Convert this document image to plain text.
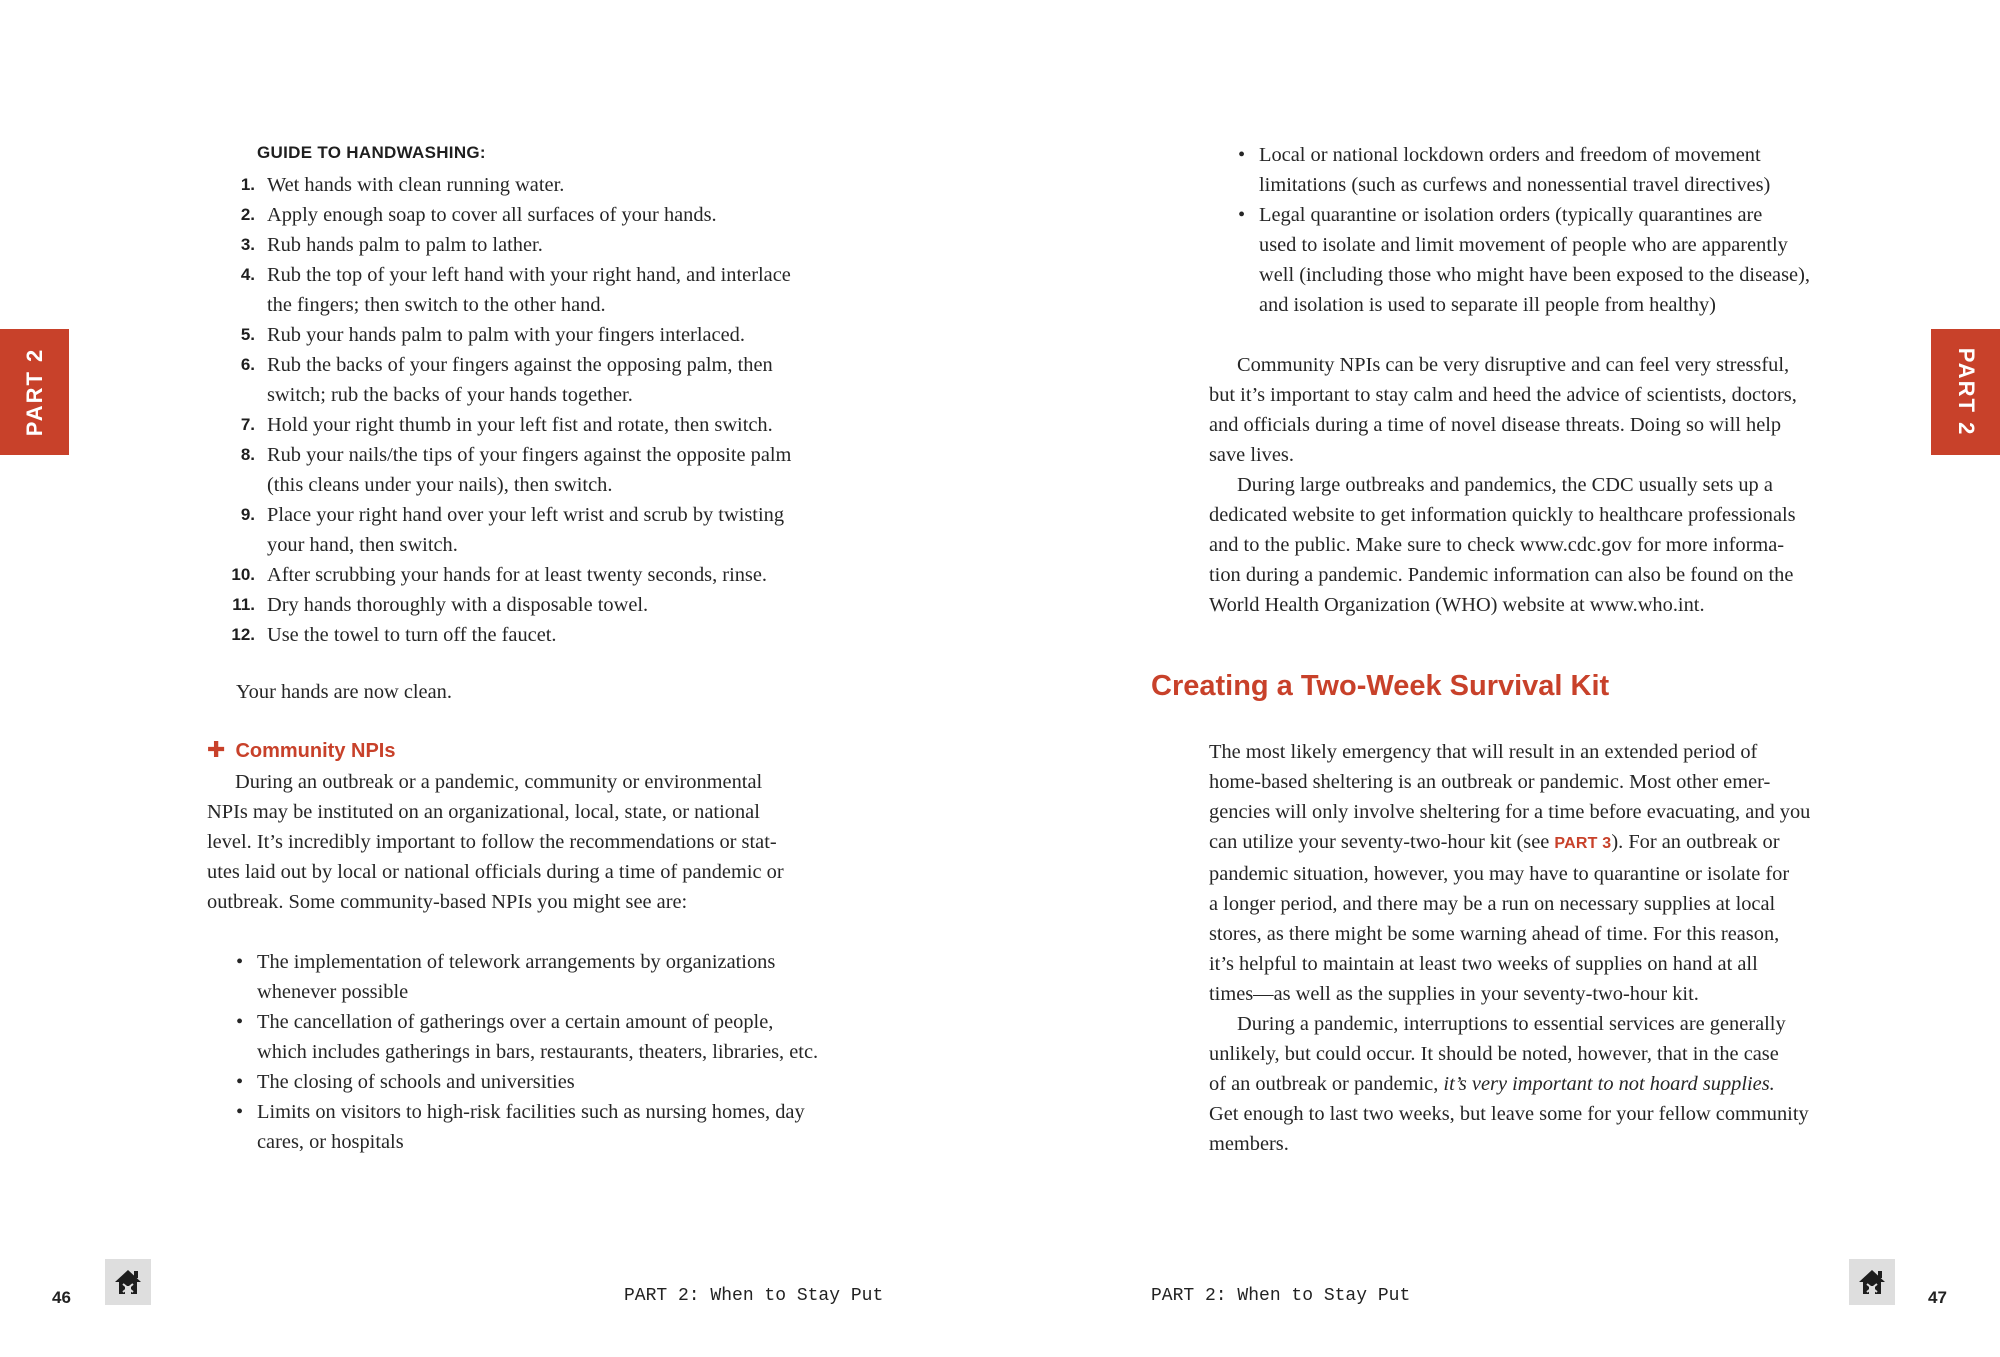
PART 2
GUIDE TO HANDWASHING:
1. Wet hands with clean running water.
2. Apply enough soap to cover all surfaces of your hands.
3. Rub hands palm to palm to lather.
4. Rub the top of your left hand with your right hand, and interlace
the fingers; then switch to the other hand.
5. Rub your hands palm to palm with your fingers interlaced.
6. Rub the backs of your fingers against the opposing palm, then
switch; rub the backs of your hands together.
7. Hold your right thumb in your left fist and rotate, then switch.
8. Rub your nails/the tips of your fingers against the opposite palm
(this cleans under your nails), then switch.
9. Place your right hand over your left wrist and scrub by twisting
your hand, then switch.
10. After scrubbing your hands for at least twenty seconds, rinse.
11. Dry hands thoroughly with a disposable towel.
12. Use the towel to turn off the faucet.
Your hands are now clean.
✚ Community NPIs

During an outbreak or a pandemic, community or environmental
NPIs may be instituted on an organizational, local, state, or national
level. It’s incredibly important to follow the recommendations or stat-
utes laid out by local or national officials during a time of pandemic or
outbreak. Some community-based NPIs you might see are:

• The implementation of telework arrangements by organizations
whenever possible
• The cancellation of gatherings over a certain amount of people,
which includes gatherings in bars, restaurants, theaters, libraries, etc.
• The closing of schools and universities
• Limits on visitors to high-risk facilities such as nursing homes, day
cares, or hospitals
46	PART 2: When to Stay Put
• Local or national lockdown orders and freedom of movement
limitations (such as curfews and nonessential travel directives)
• Legal quarantine or isolation orders (typically quarantines are
used to isolate and limit movement of people who are apparently
well (including those who might have been exposed to the disease),
and isolation is used to separate ill people from healthy)

Community NPIs can be very disruptive and can feel very stressful,
but it’s important to stay calm and heed the advice of scientists, doctors,
and officials during a time of novel disease threats. Doing so will help
save lives.

During large outbreaks and pandemics, the CDC usually sets up a
dedicated website to get information quickly to healthcare professionals
and to the public. Make sure to check www.cdc.gov for more informa-
tion during a pandemic. Pandemic information can also be found on the
World Health Organization (WHO) website at www.who.int.

Creating a Two-Week Survival Kit

The most likely emergency that will result in an extended period of
home-based sheltering is an outbreak or pandemic. Most other emer-
gencies will only involve sheltering for a time before evacuating, and you
can utilize your seventy-two-hour kit (see PART 3). For an outbreak or
pandemic situation, however, you may have to quarantine or isolate for
a longer period, and there may be a run on necessary supplies at local
stores, as there might be some warning ahead of time. For this reason,
it’s helpful to maintain at least two weeks of supplies on hand at all
times—as well as the supplies in your seventy-two-hour kit.

During a pandemic, interruptions to essential services are generally
unlikely, but could occur. It should be noted, however, that in the case
of an outbreak or pandemic, it’s very important to not hoard supplies.
Get enough to last two weeks, but leave some for your fellow community
members.

PART 2
PART 2: When to Stay Put	47
